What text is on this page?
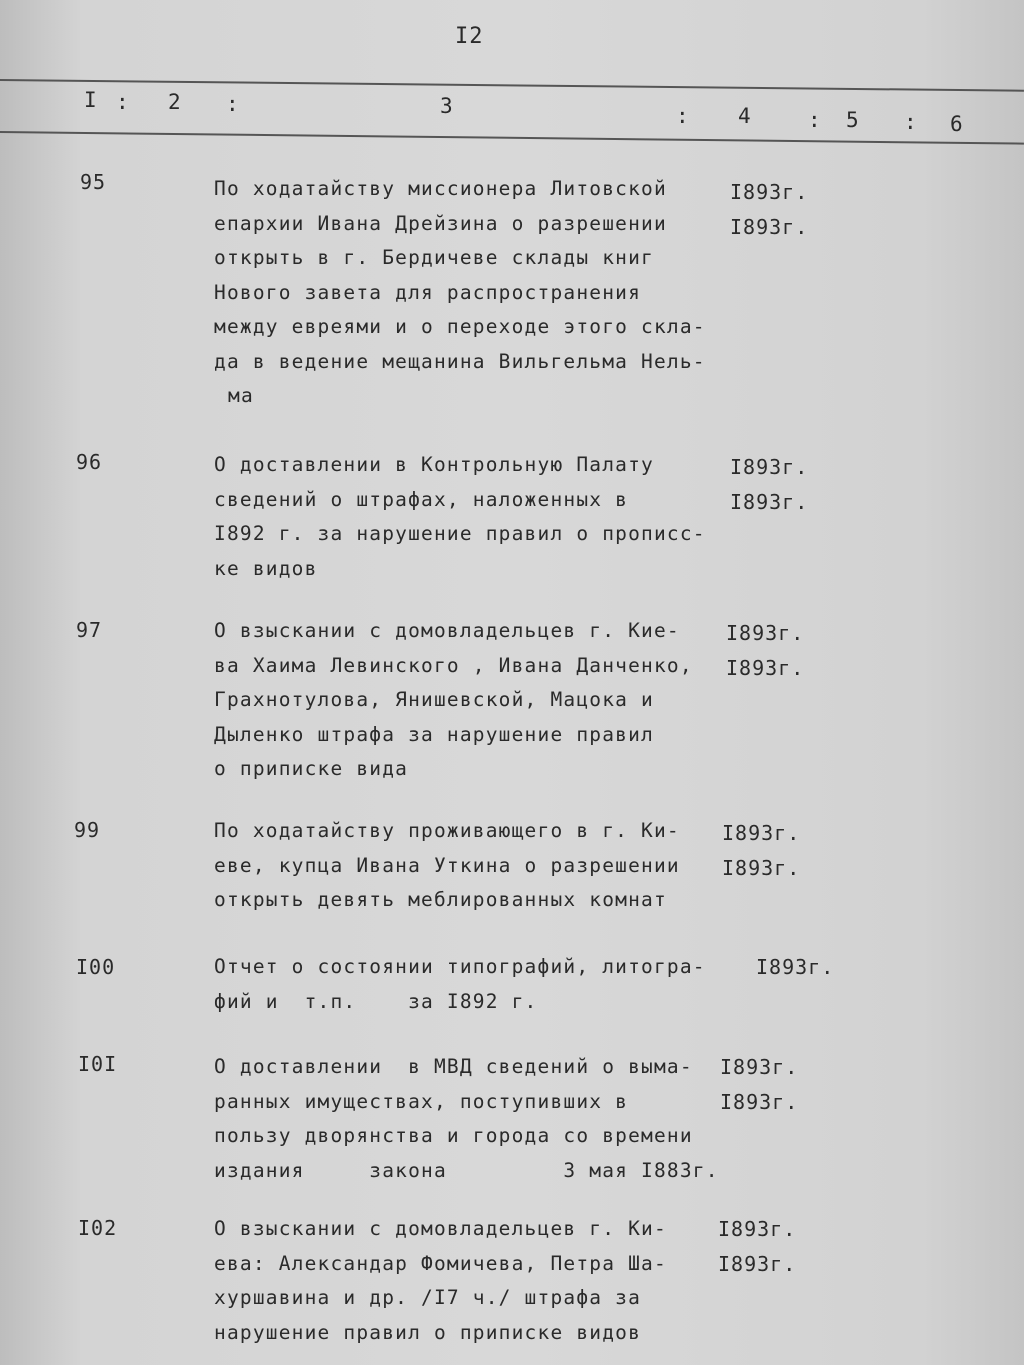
I2
I : 2 :	3	: 4	: 5 : 6
95	По ходатайству миссионера Литовской
епархии Ивана Дрейзина о разрешении
открыть в г. Бердичеве склады книг
Нового завета для распространения
между евреями и о переходе этого скла-
да в ведение мещанина Вильгельма Нель-
ма
I893г.
I893г.
96	О доставлении в Контрольную Палату
сведений о штрафах, наложенных в
I892 г. за нарушение правил о прописс-
ке видов
I893г.
I893г.
97	О взыскании с домовладельцев г. Кие-
ва Хаима Левинского , Ивана Данченко,
Грахнотулова, Янишевской, Мацока и
Дыленко штрафа за нарушение правил
о приписке вида
I893г.
I893г.
99	По ходатайству проживающего в г. Ки-
еве, купца Ивана Уткина о разрешении
открыть девять меблированных комнат
I893г.
I893г.
I00	Отчет о состоянии типографий, литогра-
фий и  т.п.    за I892 г.
I893г.
I0I	О доставлении  в МВД сведений о выма-
ранных имуществах, поступивших в
пользу дворянства и города со времени
издания     закона         3 мая I883г.
I893г.
I893г.
I02	О взыскании с домовладельцев г. Ки-
ева: Александар Фомичева, Петра Ша-
хуршавина и др. /I7 ч./ штрафа за
нарушение правил о приписке видов
I893г.
I893г.
